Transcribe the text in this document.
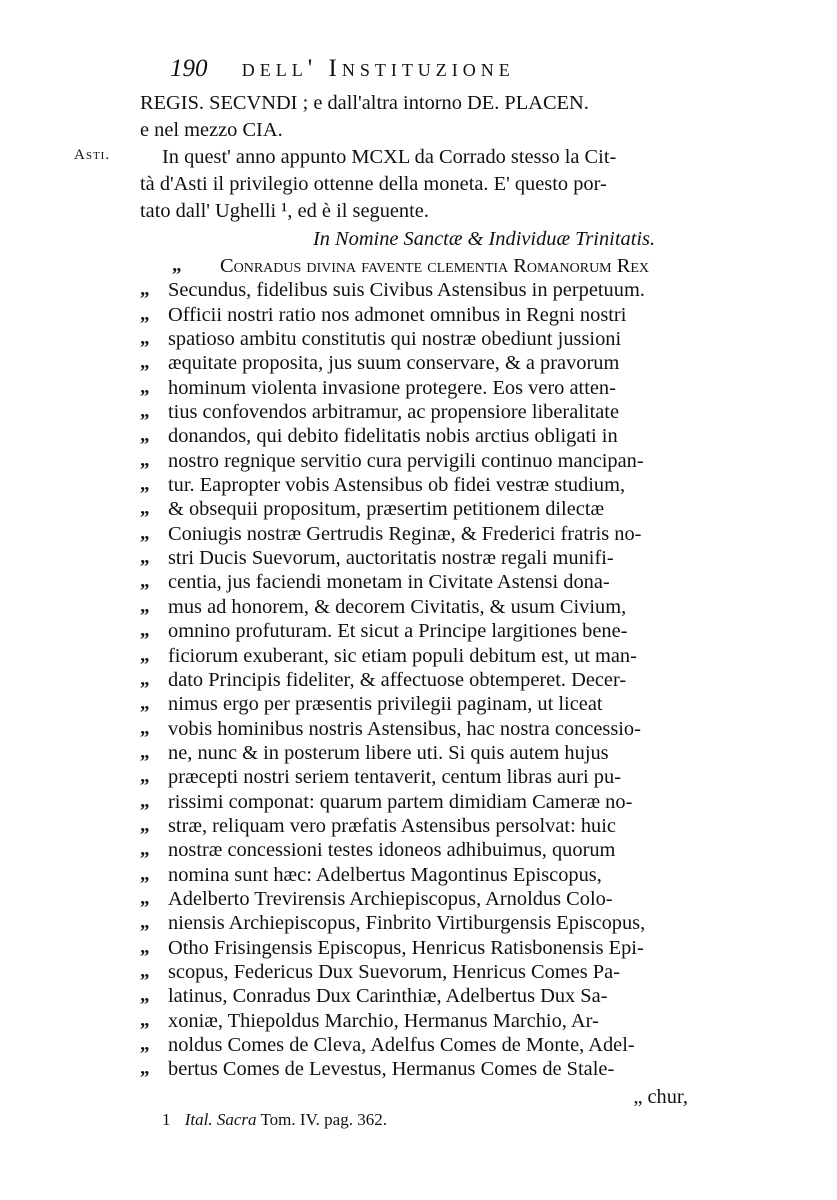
190 dell' Instituzione
Asti.
REGIS. SECVNDI ; e dall'altra intorno DE. PLACEN.
e nel mezzo CIA.
In quest' anno appunto MCXL da Corrado stesso la Cit-
tà d'Asti il privilegio ottenne della moneta. E' questo por-
tato dall' Ughelli ¹, ed è il seguente.
In Nomine Sanctæ & Individuæ Trinitatis.
„	Conradus divina favente clementia Romanorum Rex
„ Secundus, fidelibus suis Civibus Astensibus in perpetuum.
„ Officii nostri ratio nos admonet omnibus in Regni nostri
„ spatioso ambitu constitutis qui nostræ obediunt jussioni
„ æquitate proposita, jus suum conservare, & a pravorum
„ hominum violenta invasione protegere. Eos vero atten-
„ tius confovendos arbitramur, ac propensiore liberalitate
„ donandos, qui debito fidelitatis nobis arctius obligati in
„ nostro regnique servitio cura pervigili continuo mancipan-
„ tur. Eapropter vobis Astensibus ob fidei vestræ studium,
„ & obsequii propositum, præsertim petitionem dilectæ
„ Coniugis nostræ Gertrudis Reginæ, & Frederici fratris no-
„ stri Ducis Suevorum, auctoritatis nostræ regali munifi-
„ centia, jus faciendi monetam in Civitate Astensi dona-
„ mus ad honorem, & decorem Civitatis, & usum Civium,
„ omnino profuturam. Et sicut a Principe largitiones bene-
„ ficiorum exuberant, sic etiam populi debitum est, ut man-
„ dato Principis fideliter, & affectuose obtemperet. Decer-
„ nimus ergo per præsentis privilegii paginam, ut liceat
„ vobis hominibus nostris Astensibus, hac nostra concessio-
„ ne, nunc & in posterum libere uti. Si quis autem hujus
„ præcepti nostri seriem tentaverit, centum libras auri pu-
„ rissimi componat: quarum partem dimidiam Cameræ no-
„ stræ, reliquam vero præfatis Astensibus persolvat: huic
„ nostræ concessioni testes idoneos adhibuimus, quorum
„ nomina sunt hæc: Adelbertus Magontinus Episcopus,
„ Adelberto Trevirensis Archiepiscopus, Arnoldus Colo-
„ niensis Archiepiscopus, Finbrito Virtiburgensis Episcopus,
„ Otho Frisingensis Episcopus, Henricus Ratisbonensis Epi-
„ scopus, Federicus Dux Suevorum, Henricus Comes Pa-
„ latinus, Conradus Dux Carinthiæ, Adelbertus Dux Sa-
„ xoniæ, Thiepoldus Marchio, Hermanus Marchio, Ar-
„ noldus Comes de Cleva, Adelfus Comes de Monte, Adel-
„ bertus Comes de Levestus, Hermanus Comes de Stale-
„ chur,
1 Ital. Sacra Tom. IV. pag. 362.
